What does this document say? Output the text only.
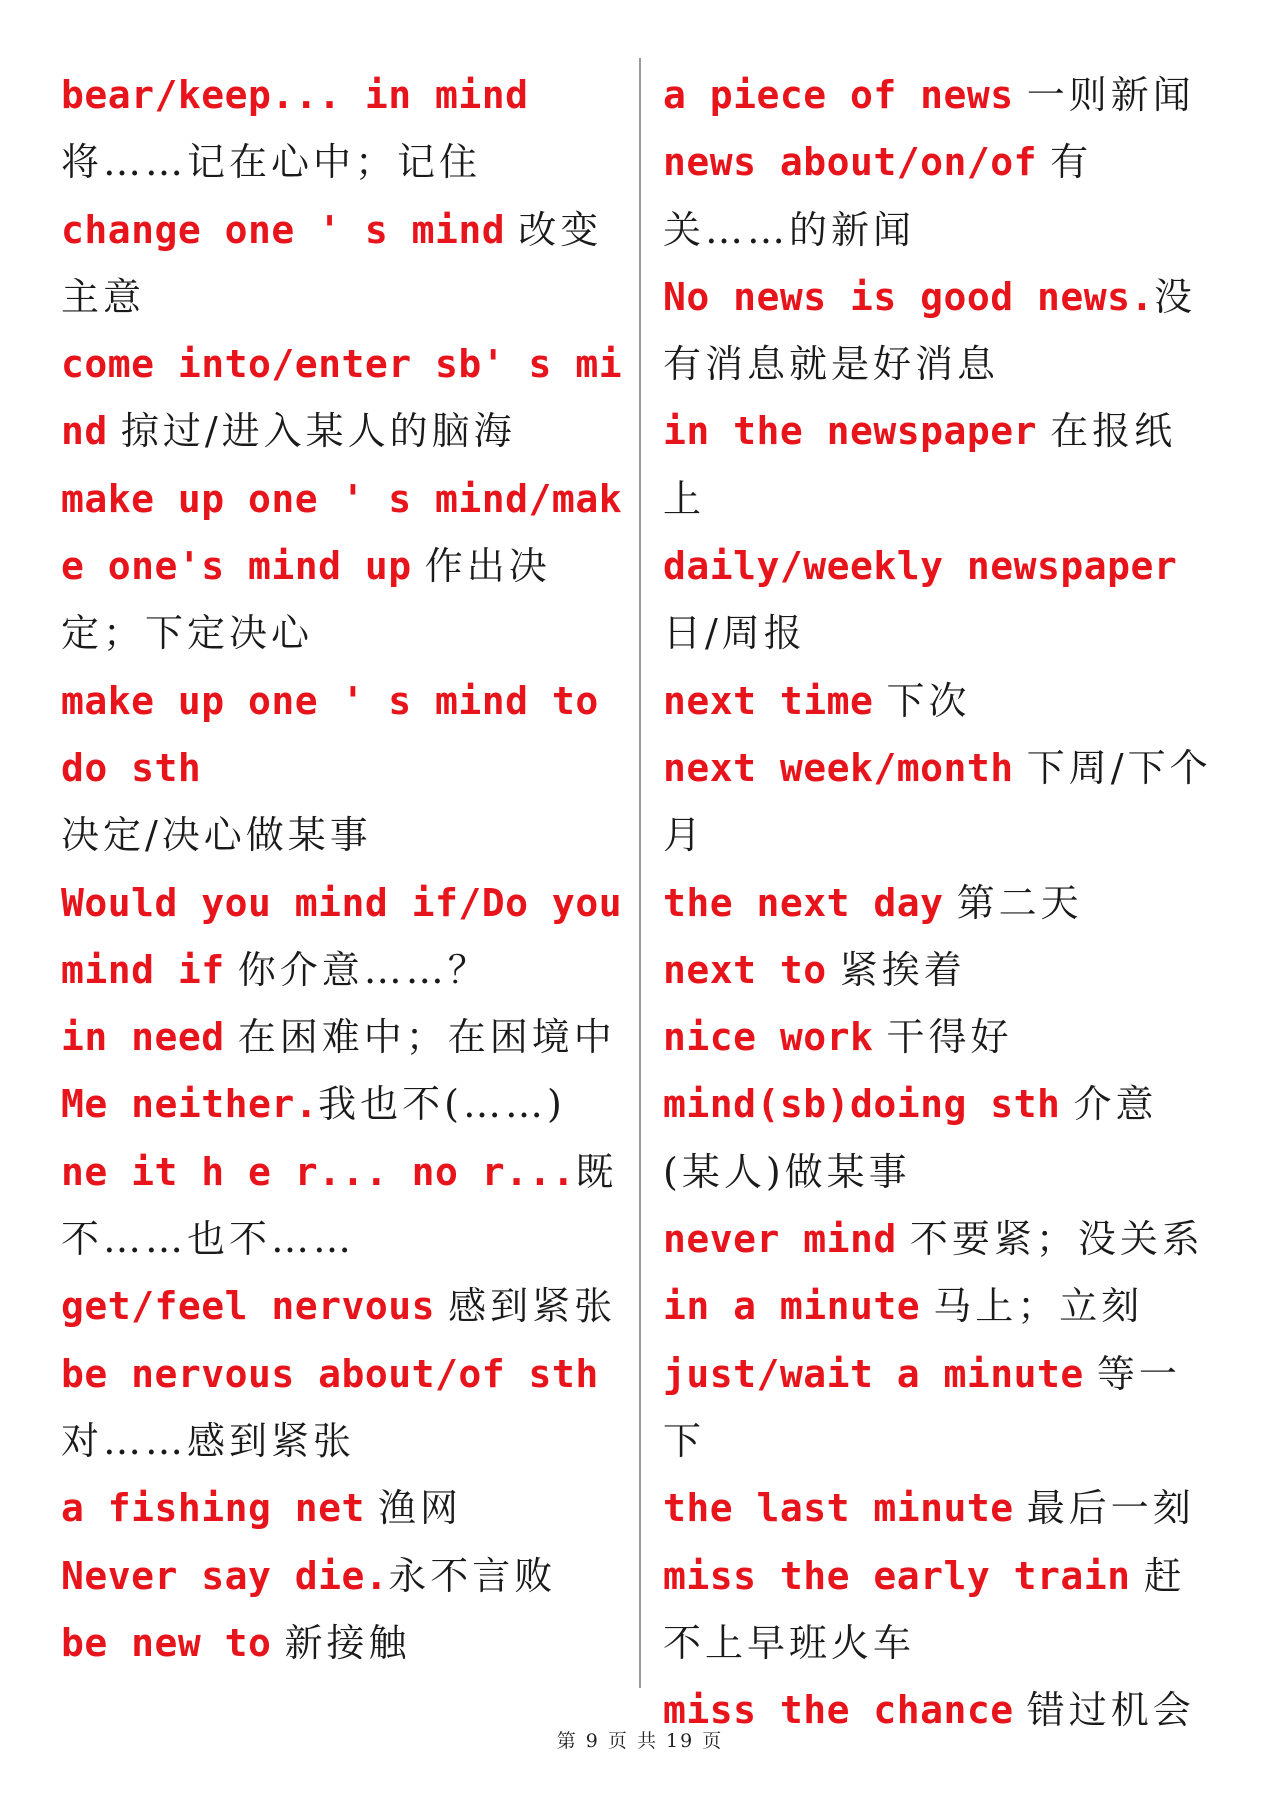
bear/keep... in mind 将……记在心中；记住
change one ' s mind 改变主意
come into/enter sb' s mind 掠过/进入某人的脑海
make up one ' s mind/make one's mind up 作出决定；下定决心
make up one ' s mind to do sth
决定/决心做某事
Would you mind if/Do you mind if 你介意……？
in need 在困难中；在困境中
Me neither.我也不(……)
ne it h e r... no r...既不……也不……
get/feel nervous 感到紧张
be nervous about/of sth
对……感到紧张
a fishing net 渔网
Never say die.永不言败
be new to 新接触
a piece of news 一则新闻
news about/on/of 有关……的新闻
No news is good news.没有消息就是好消息
in the newspaper 在报纸上
daily/weekly newspaper 日/周报
next time 下次
next week/month 下周/下个月
the next day 第二天
next to 紧挨着
nice work 干得好
mind(sb)doing sth 介意(某人)做某事
never mind 不要紧；没关系
in a minute 马上；立刻
just/wait a minute 等一下
the last minute 最后一刻
miss the early train 赶不上早班火车
miss the chance 错过机会
第 9 页 共 19 页
